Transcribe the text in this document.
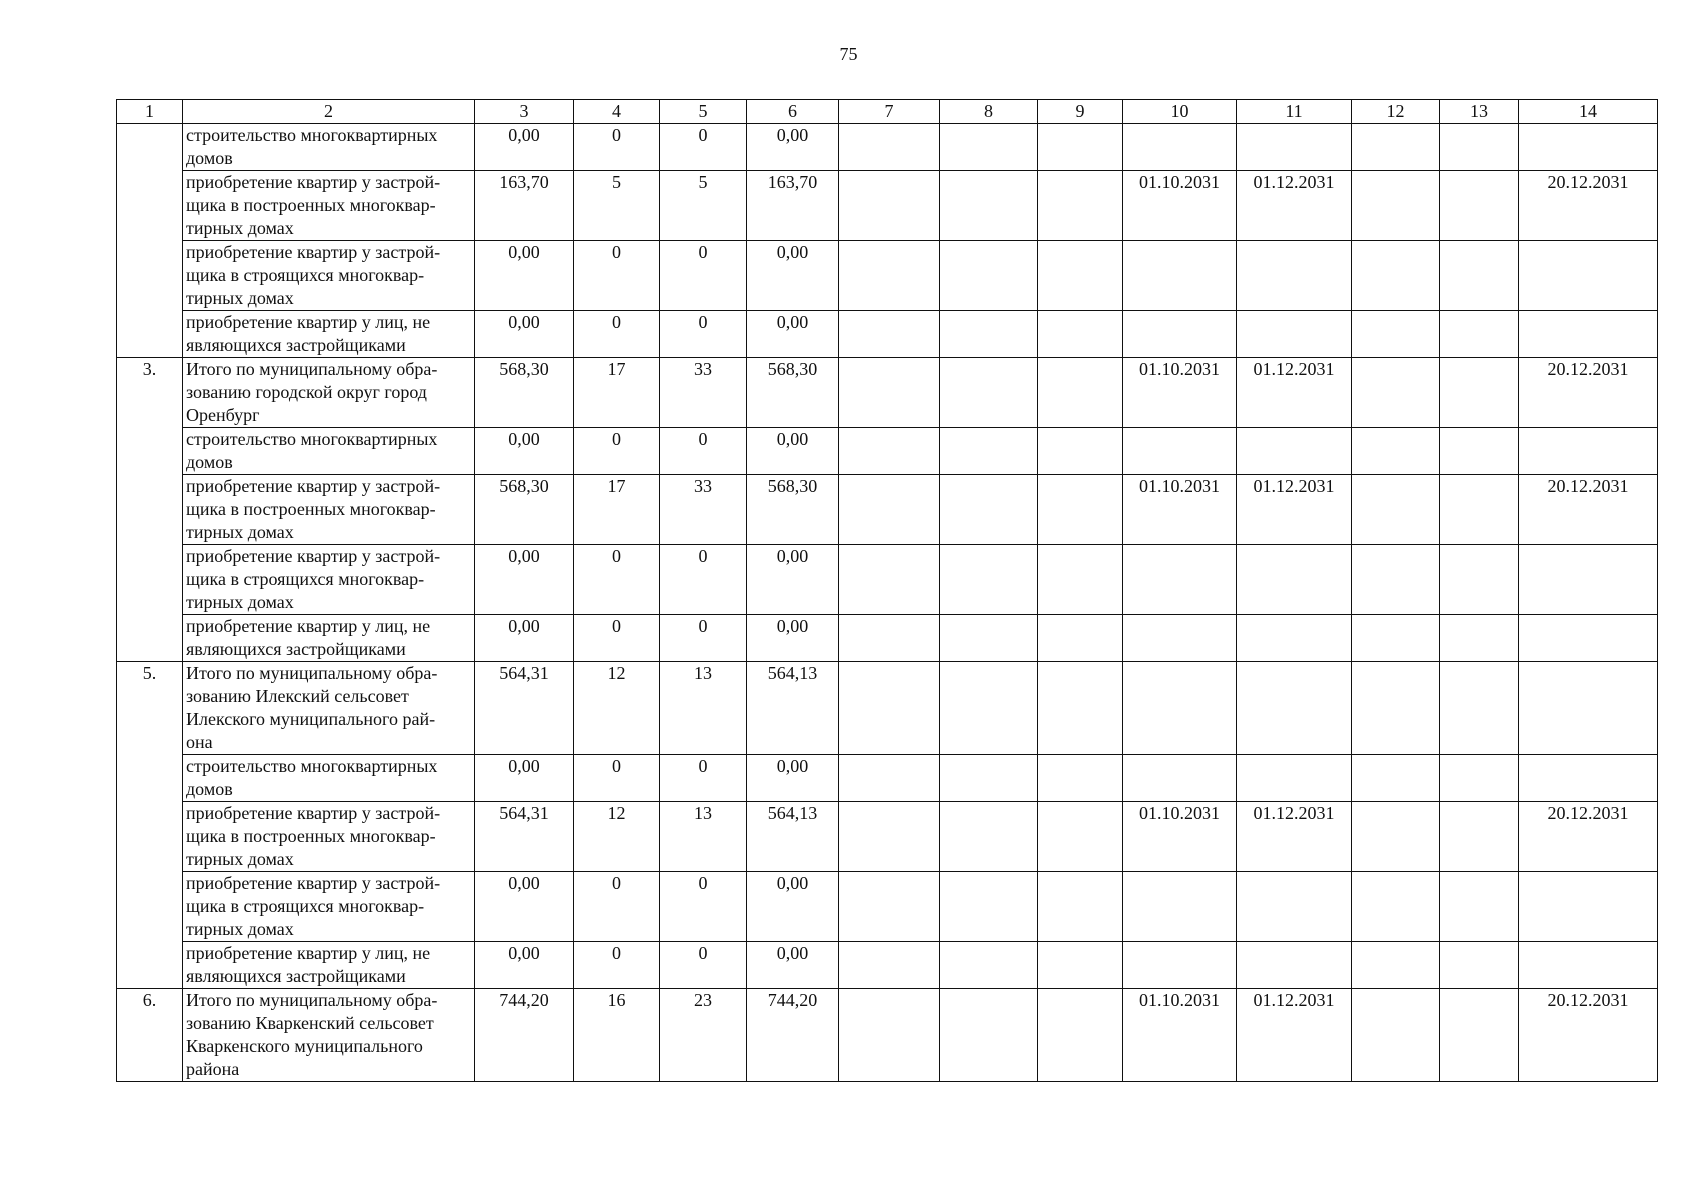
75
1	2	3	4	5	6	7	8	9	10	11	12	13	14

	строительство многоквартирных
домов	0,00	0	0	0,00								

	приобретение квартир у застрой-
щика в построенных многоквар-
тирных домах	163,70	5	5	163,70				01.10.2031	01.12.2031			20.12.2031

	приобретение квартир у застрой-
щика в строящихся многоквар-
тирных домах	0,00	0	0	0,00								

	приобретение квартир у лиц, не
являющихся застройщиками	0,00	0	0	0,00								
3.	Итого по муниципальному обра-
зованию городской округ город
Оренбург	568,30	17	33	568,30				01.10.2031	01.12.2031			20.12.2031

	строительство многоквартирных
домов	0,00	0	0	0,00								

	приобретение квартир у застрой-
щика в построенных многоквар-
тирных домах	568,30	17	33	568,30				01.10.2031	01.12.2031			20.12.2031

	приобретение квартир у застрой-
щика в строящихся многоквар-
тирных домах	0,00	0	0	0,00								

	приобретение квартир у лиц, не
являющихся застройщиками	0,00	0	0	0,00								
5.	Итого по муниципальному обра-
зованию Илекский сельсовет
Илекского муниципального рай-
она	564,31	12	13	564,13								

	строительство многоквартирных
домов	0,00	0	0	0,00								

	приобретение квартир у застрой-
щика в построенных многоквар-
тирных домах	564,31	12	13	564,13				01.10.2031	01.12.2031			20.12.2031

	приобретение квартир у застрой-
щика в строящихся многоквар-
тирных домах	0,00	0	0	0,00								

	приобретение квартир у лиц, не
являющихся застройщиками	0,00	0	0	0,00								
6.	Итого по муниципальному обра-
зованию Кваркенский сельсовет
Кваркенского муниципального
района	744,20	16	23	744,20				01.10.2031	01.12.2031			20.12.2031
